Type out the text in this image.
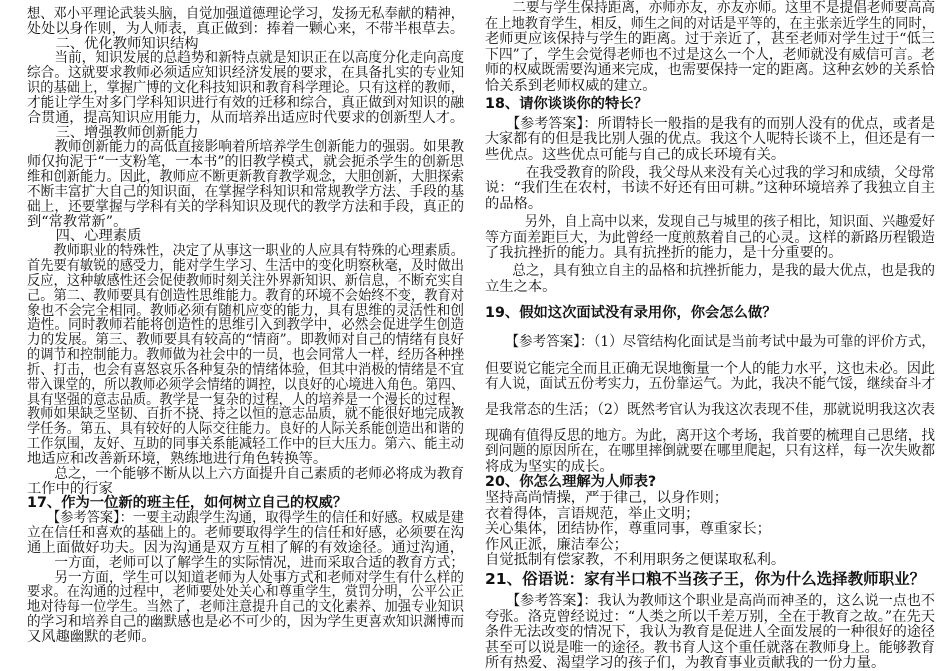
想、邓小平理论武装头脑，自觉加强道德理论学习，发扬无私奉献的精神，
处处以身作则，为人师表，真正做到：捧着一颗心来，不带半根草去。
　　二、优化教师知识结构
　　当前，知识发展的总趋势和新特点就是知识正在以高度分化走向高度
综合。这就要求教师必须适应知识经济发展的要求，在具备扎实的专业知
识的基础上，掌握广博的文化科技知识和教育科学理论。只有这样的教师，
才能让学生对多门学科知识进行有效的迁移和综合，真正做到对知识的融
合贯通，提高知识应用能力，从而培养出适应时代要求的创新型人才。
　　三、增强教师创新能力
　　教师创新能力的高低直接影响着所培养学生创新能力的强弱。如果教
师仅拘泥于“一支粉笔，一本书”的旧教学模式，就会扼杀学生的创新思
维和创新能力。因此，教师应不断更新教育教学观念，大胆创新，大胆探索
不断丰富扩大自己的知识面，在掌握学科知识和常规教学方法、手段的基
础上，还要掌握与学科有关的学科知识及现代的教学方法和手段，真正的
到“常教常新”。
　　四、心理素质
　　教师职业的特殊性，决定了从事这一职业的人应具有特殊的心理素质。
首先要有敏锐的感受力，能对学生学习、生活中的变化明察秋毫，及时做出
反应，这种敏感性还会促使教师时刻关注外界新知识、新信息，不断充实自
己。第二、教师要具有创造性思维能力。教育的环境不会始终不变，教育对
象也不会完全相同。教师必须有随机应变的能力，具有思维的灵活性和创
造性。同时教师若能将创造性的思维引入到教学中，必然会促进学生创造
力的发展。第三、教师要具有较高的“情商”。即教师对自己的情绪有良好
的调节和控制能力。教师做为社会中的一员，也会同常人一样，经历各种挫
折、打击，也会有喜怒哀乐各种复杂的情绪体验，但其中消极的情绪是不宜
带入课堂的，所以教师必须学会情绪的调控，以良好的心境进入角色。第四、
具有坚强的意志品质。教学是一复杂的过程，人的培养是一个漫长的过程，
教师如果缺乏坚韧、百折不挠、持之以恒的意志品质，就不能很好地完成教
学任务。第五、具有较好的人际交往能力。良好的人际关系能创造出和谐的
工作氛围，友好、互助的同事关系能减轻工作中的巨大压力。第六、能主动
地适应和改善新环境，熟练地进行角色转换等。
　　总之，一个能够不断从以上六方面提升自己素质的老师必将成为教育
工作中的行家
17、作为一位新的班主任，如何树立自己的权威？
　　【参考答案】：一要主动跟学生沟通，取得学生的信任和好感。权威是建
立在信任和喜欢的基础上的。老师要取得学生的信任和好感，必须要在沟
通上面做好功夫。因为沟通是双方互相了解的有效途径。通过沟通，
　　一方面，老师可以了解学生的实际情况，进而采取合适的教育方式；
　　另一方面，学生可以知道老师为人处事方式和老师对学生有什么样的
要求。在沟通的过程中，老师要处处关心和尊重学生，赏罚分明，公平公正
地对待每一位学生。当然了，老师注意提升自己的文化素养、加强专业知识
的学习和培养自己的幽默感也是必不可少的，因为学生更喜欢知识渊博而
又风趣幽默的老师。
　　二要与学生保持距离，亦师亦友，亦友亦师。这里不是提倡老师要高高
在上地教育学生，相反，师生之间的对话是平等的，在主张亲近学生的同时，
老师更应该保持与学生的距离。过于亲近了，甚至老师对学生过于“低三
下四”了，学生会觉得老师也不过是这么一个人，老师就没有威信可言。老
师的权威既需要沟通来完成，也需要保持一定的距离。这种玄妙的关系恰
恰关系到老师权威的建立。
18、请你谈谈你的特长？
　　【参考答案】：所谓特长一般指的是我有的而别人没有的优点，或者是
大家都有的但是我比别人强的优点。我这个人呢特长谈不上，但还是有一
些优点。这些优点可能与自己的成长环境有关。
　　　在我受教育的阶段，我父母从来没有关心过我的学习和成绩，父母常
说：“我们生在农村，书读不好还有田可耕。”这种环境培养了我独立自主
的品格。
　　　另外，自上高中以来，发现自己与城里的孩子相比，知识面、兴趣爱好
等方面差距巨大，为此曾经一度煎熬着自己的心灵。这样的新路历程锻造
了我抗挫折的能力。具有抗挫折的能力，是十分重要的。
　　总之，具有独立自主的品格和抗挫折能力，是我的最大优点，也是我的
立生之本。
19、假如这次面试没有录用你，你会怎么做？
　　【参考答案】：（1）尽管结构化面试是当前考试中最为可靠的评价方式，
但要说它能完全而且正确无误地衡量一个人的能力水平，这也未必。因此
有人说，面试五份考实力，五份靠运气。为此，我决不能气馁，继续奋斗才
是我常态的生活；（2）既然考官认为我这次表现不佳，那就说明我这次表
现确有值得反思的地方。为此，离开这个考场，我首要的梳理自己思绪，找
到问题的原因所在，在哪里摔倒就要在哪里爬起，只有这样，每一次失败都
将成为坚实的成长。
20、你怎么理解为人师表?
坚持高尚情操，严于律己，以身作则；
衣着得体，言语规范，举止文明；
关心集体，团结协作，尊重同事，尊重家长；
作风正派，廉洁奉公；
自觉抵制有偿家教，不利用职务之便谋取私利。
21、俗语说：家有半口粮不当孩子王，你为什么选择教师职业？
　　【参考答案】：我认为教师这个职业是高尚而神圣的，这么说一点也不
夸张。洛克曾经说过：“人类之所以千差万别，全在于教育之故。”在先天
条件无法改变的情况下，我认为教育是促进人全面发展的一种很好的途径
甚至可以说是唯一的途径。教书育人这个重任就落在教师身上。能够教育
所有热爱、渴望学习的孩子们，为教育事业贡献我的一份力量。
